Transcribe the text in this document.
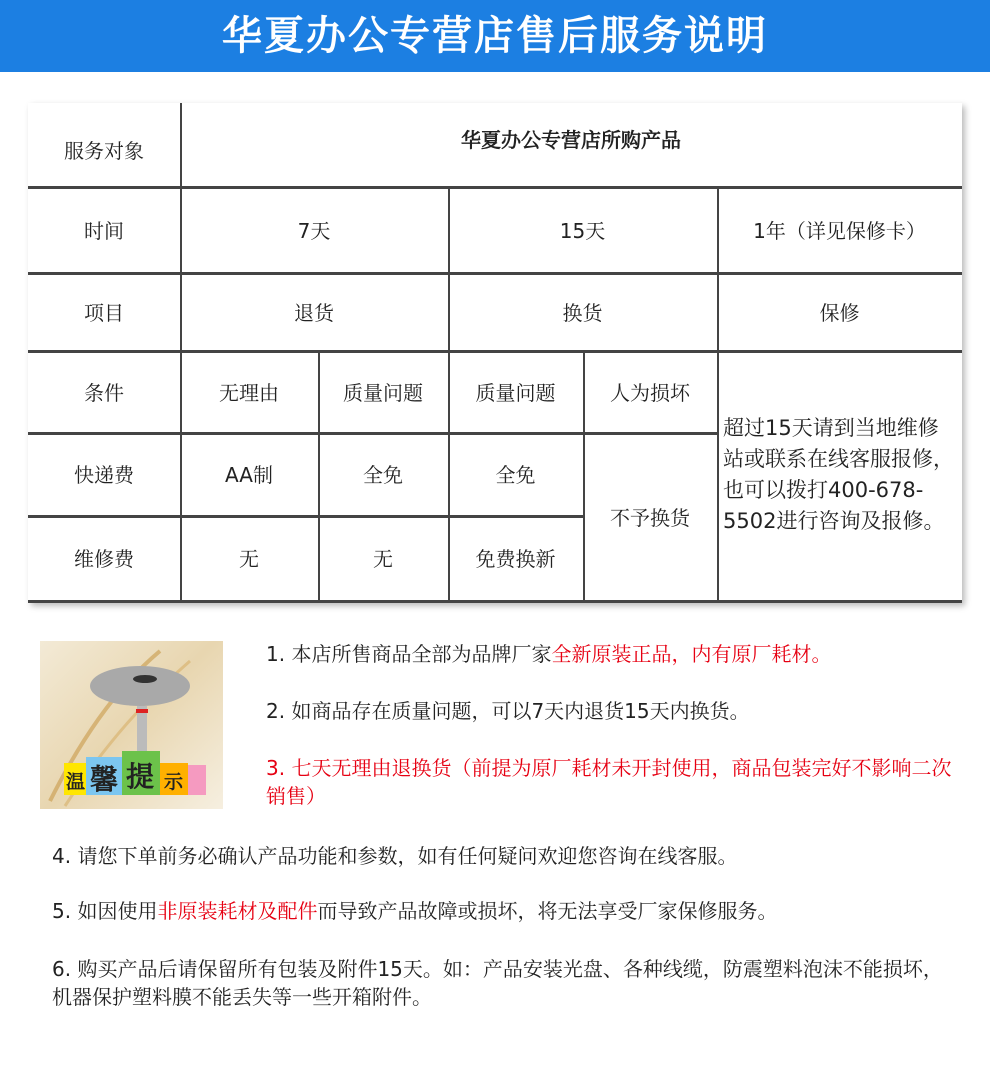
华夏办公专营店售后服务说明
服务对象	华夏办公专营店所购产品
时间	7天	15天	1年（详见保修卡）
项目	退货	换货	保修
条件	无理由	质量问题	质量问题	人为损坏
快递费	AA制	全免	全免
维修费	无	无	免费换新
不予换货
超过15天请到当地维修站或联系在线客服报修，也可以拨打400-678-5502进行咨询及报修。
温 馨 提 示
1. 本店所售商品全部为品牌厂家全新原装正品，内有原厂耗材。
2. 如商品存在质量问题，可以7天内退货15天内换货。
3. 七天无理由退换货（前提为原厂耗材未开封使用，商品包装完好不影响二次销售）
4. 请您下单前务必确认产品功能和参数，如有任何疑问欢迎您咨询在线客服。
5. 如因使用非原装耗材及配件而导致产品故障或损坏，将无法享受厂家保修服务。
6. 购买产品后请保留所有包装及附件15天。如：产品安装光盘、各种线缆，防震塑料泡沫不能损坏，机器保护塑料膜不能丢失等一些开箱附件。
